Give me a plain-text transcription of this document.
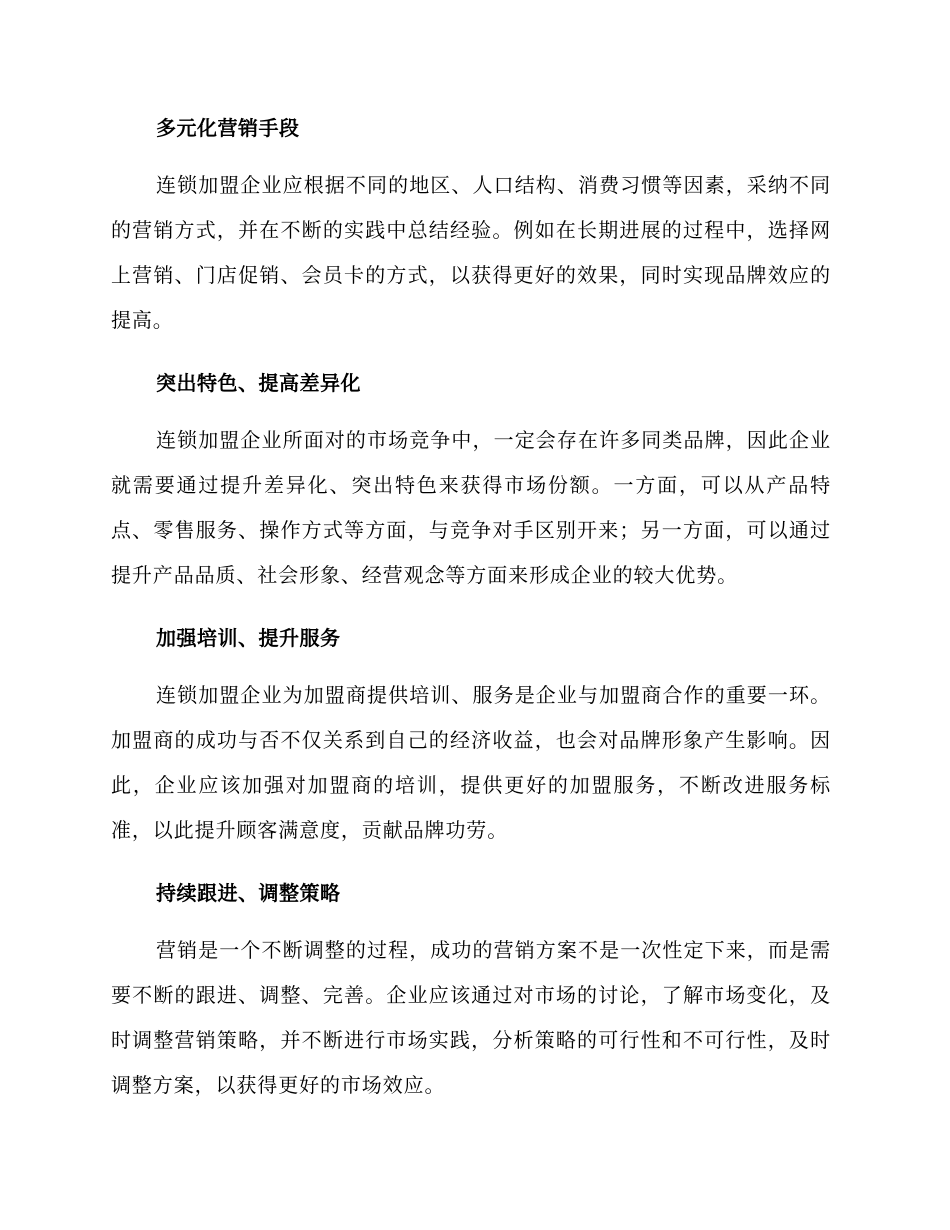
多元化营销手段

连锁加盟企业应根据不同的地区、人口结构、消费习惯等因素，采纳不同的营销方式，并在不断的实践中总结经验。例如在长期进展的过程中，选择网上营销、门店促销、会员卡的方式，以获得更好的效果，同时实现品牌效应的提高。

突出特色、提高差异化

连锁加盟企业所面对的市场竞争中，一定会存在许多同类品牌，因此企业就需要通过提升差异化、突出特色来获得市场份额。一方面，可以从产品特点、零售服务、操作方式等方面，与竞争对手区别开来；另一方面，可以通过提升产品品质、社会形象、经营观念等方面来形成企业的较大优势。

加强培训、提升服务

连锁加盟企业为加盟商提供培训、服务是企业与加盟商合作的重要一环。加盟商的成功与否不仅关系到自己的经济收益，也会对品牌形象产生影响。因此，企业应该加强对加盟商的培训，提供更好的加盟服务，不断改进服务标准，以此提升顾客满意度，贡献品牌功劳。

持续跟进、调整策略

营销是一个不断调整的过程，成功的营销方案不是一次性定下来，而是需要不断的跟进、调整、完善。企业应该通过对市场的讨论，了解市场变化，及时调整营销策略，并不断进行市场实践，分析策略的可行性和不可行性，及时调整方案，以获得更好的市场效应。
